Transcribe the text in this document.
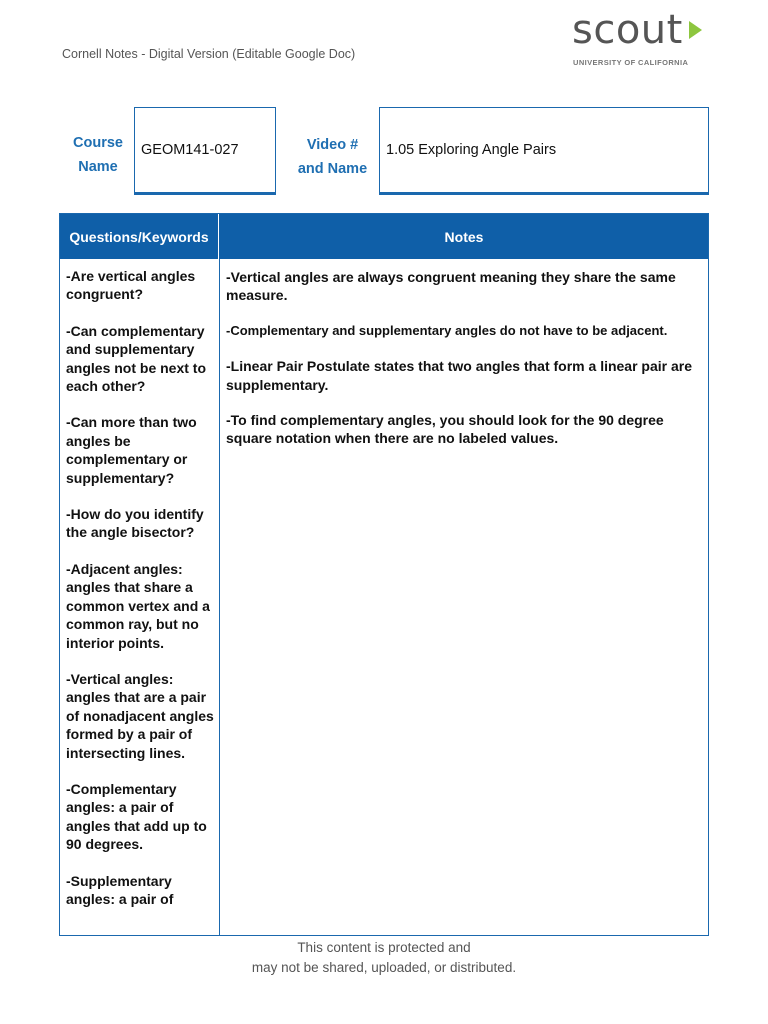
Cornell Notes - Digital Version (Editable Google Doc)
scout
UNIVERSITY OF CALIFORNIA
Course
Name
GEOM141-027	Video #
and Name
1.05 Exploring Angle Pairs
Questions/Keywords	Notes

-Are vertical angles congruent?

-Can complementary and supplementary angles not be next to each other?

-Can more than two angles be complementary or supplementary?

-How do you identify the angle bisector?

-Adjacent angles: angles that share a common vertex and a common ray, but no interior points.

-Vertical angles: angles that are a pair of nonadjacent angles formed by a pair of intersecting lines.

-Complementary angles: a pair of angles that add up to 90 degrees.

-Supplementary angles: a pair of

-Vertical angles are always congruent meaning they share the same measure.

-Complementary and supplementary angles do not have to be adjacent.

-Linear Pair Postulate states that two angles that form a linear pair are supplementary.

-To find complementary angles, you should look for the 90 degree square notation when there are no labeled values.

This content is protected and
may not be shared, uploaded, or distributed.
